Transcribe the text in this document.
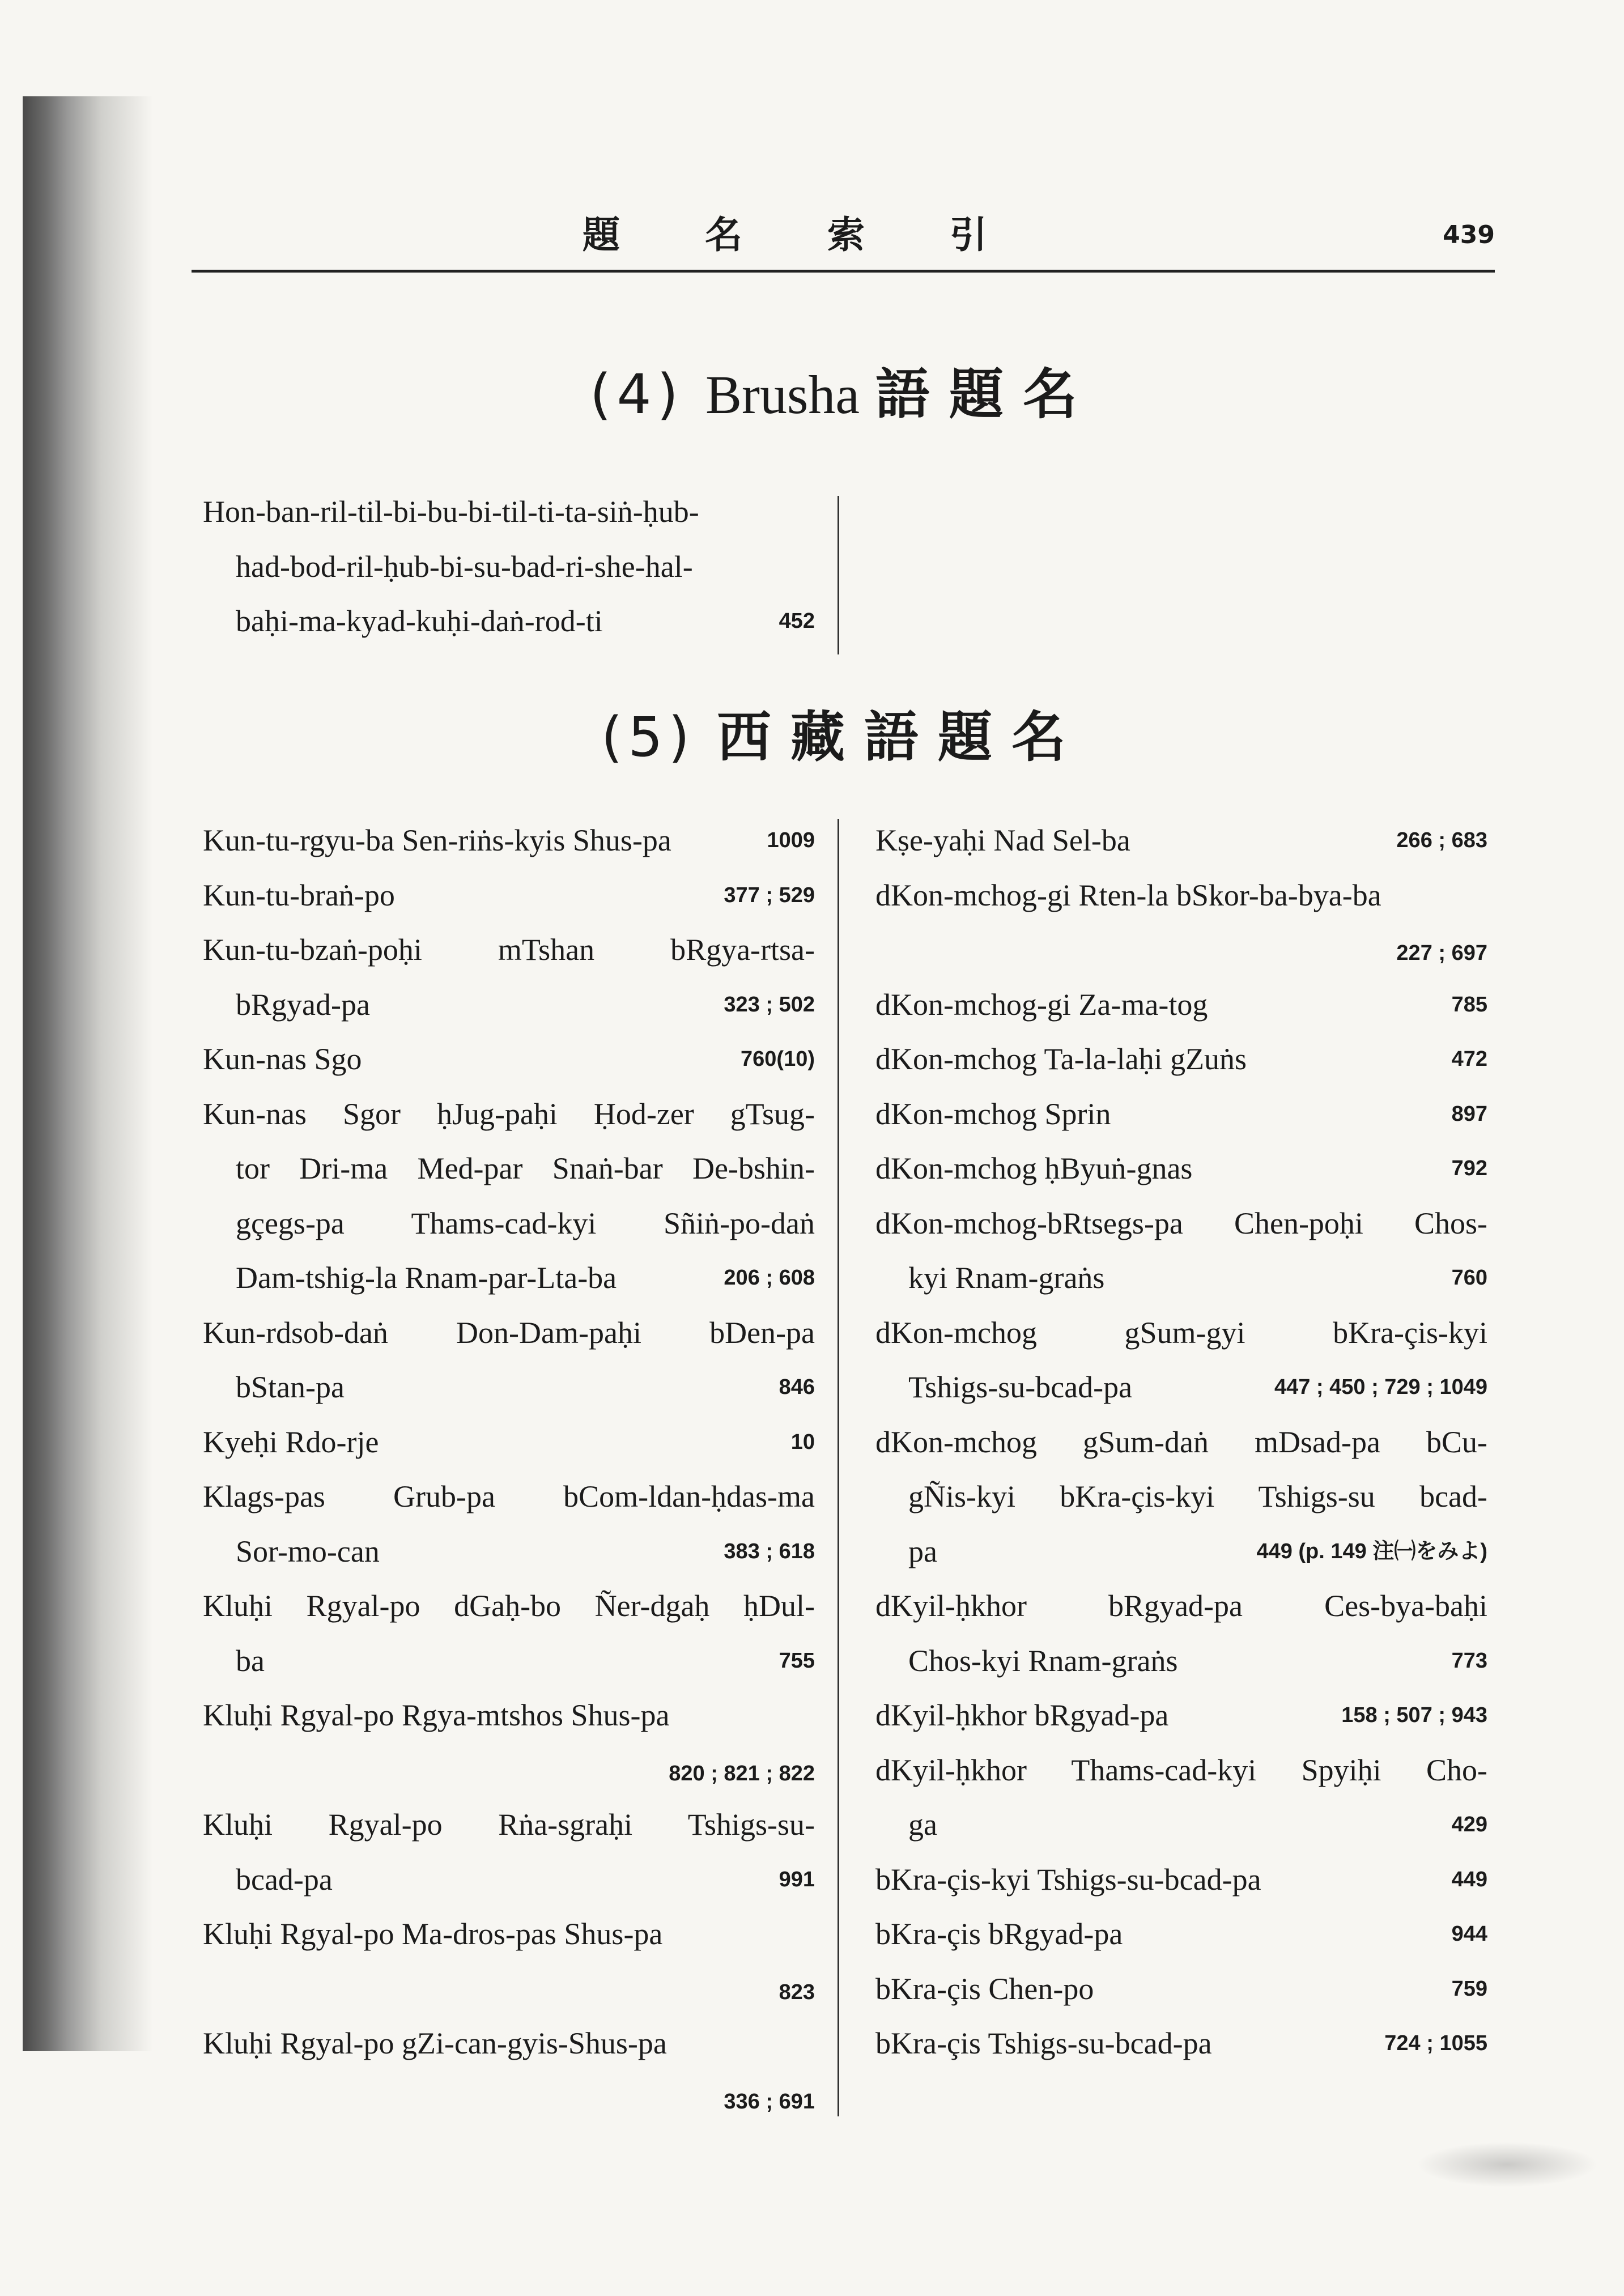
題名索引	439
(4) Brusha 語題名
Hon-ban-ril-til-bi-bu-bi-til-ti-ta-siṅ-ḥub-
had-bod-ril-ḥub-bi-su-bad-ri-she-hal-
baḥi-ma-kyad-kuḥi-daṅ-rod-ti	452
(5) 西藏語題名
Kun-tu-rgyu-ba Sen-riṅs-kyis Shus-pa	1009
Kun-tu-braṅ-po	377 ; 529
Kun-tu-bzaṅ-poḥi mTshan bRgya-rtsa-
bRgyad-pa	323 ; 502
Kun-nas Sgo	760(10)
Kun-nas Sgor ḥJug-paḥi Ḥod-zer gTsug-
tor Dri-ma Med-par Snaṅ-bar De-bshin-
gçegs-pa Thams-cad-kyi Sñiṅ-po-daṅ
Dam-tshig-la Rnam-par-Lta-ba	206 ; 608
Kun-rdsob-daṅ Don-Dam-paḥi bDen-pa
bStan-pa	846
Kyeḥi Rdo-rje	10
Klags-pas Grub-pa bCom-ldan-ḥdas-ma
Sor-mo-can	383 ; 618
Kluḥi Rgyal-po dGaḥ-bo Ñer-dgaḥ ḥDul-
ba	755
Kluḥi Rgyal-po Rgya-mtshos Shus-pa
820 ; 821 ; 822
Kluḥi Rgyal-po Rṅa-sgraḥi Tshigs-su-
bcad-pa	991
Kluḥi Rgyal-po Ma-dros-pas Shus-pa
823
Kluḥi Rgyal-po gZi-can-gyis-Shus-pa
336 ; 691
Kṣe-yaḥi Nad Sel-ba	266 ; 683
dKon-mchog-gi Rten-la bSkor-ba-bya-ba
227 ; 697
dKon-mchog-gi Za-ma-tog	785
dKon-mchog Ta-la-laḥi gZuṅs	472
dKon-mchog Sprin	897
dKon-mchog ḥByuṅ-gnas	792
dKon-mchog-bRtsegs-pa Chen-poḥi Chos-
kyi Rnam-graṅs	760
dKon-mchog gSum-gyi bKra-çis-kyi
Tshigs-su-bcad-pa	447 ; 450 ; 729 ; 1049
dKon-mchog gSum-daṅ mDsad-pa bCu-
gÑis-kyi bKra-çis-kyi Tshigs-su bcad-
pa	449 (p. 149 注㈠をみよ)
dKyil-ḥkhor bRgyad-pa Ces-bya-baḥi
Chos-kyi Rnam-graṅs	773
dKyil-ḥkhor bRgyad-pa	158 ; 507 ; 943
dKyil-ḥkhor Thams-cad-kyi Spyiḥi Cho-
ga	429
bKra-çis-kyi Tshigs-su-bcad-pa	449
bKra-çis bRgyad-pa	944
bKra-çis Chen-po	759
bKra-çis Tshigs-su-bcad-pa	724 ; 1055
